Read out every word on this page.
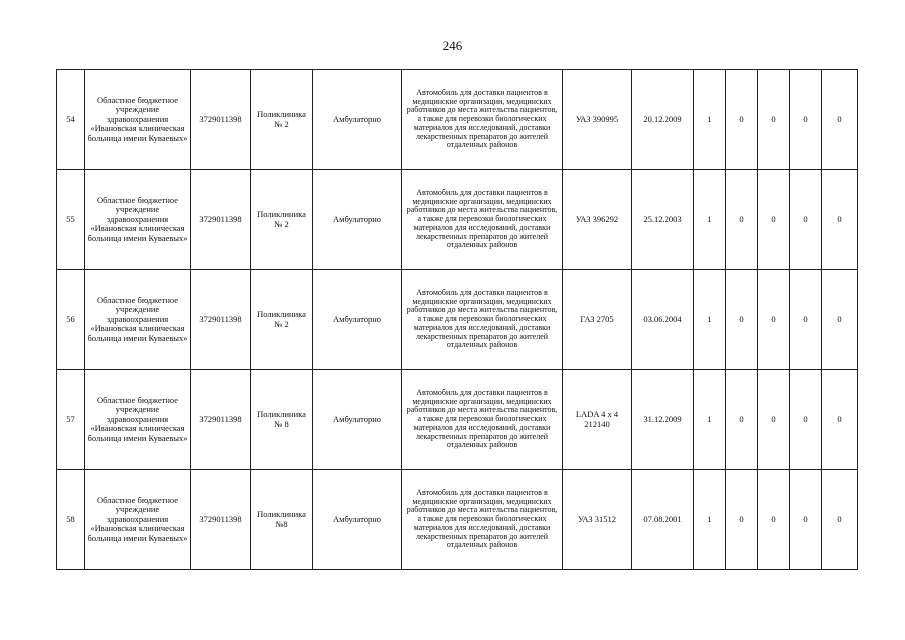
246
54	Областное бюджетное учреждение здравоохранения «Ивановская клиническая больница имени Куваевых»	3729011398	Поликлиника № 2	Амбулаторно	Автомобиль для доставки пациентов в медицинские организации, медицинских работников до места жительства пациентов, а также для перевозки биологических материалов для исследований, доставки лекарственных препаратов до жителей отдаленных районов	УАЗ 390995	20.12.2009	1	0	0	0	0
55	Областное бюджетное учреждение здравоохранения «Ивановская клиническая больница имени Куваевых»	3729011398	Поликлиника № 2	Амбулаторно	Автомобиль для доставки пациентов в медицинские организации, медицинских работников до места жительства пациентов, а также для перевозки биологических материалов для исследований, доставки лекарственных препаратов до жителей отдаленных районов	УАЗ 396292	25.12.2003	1	0	0	0	0
56	Областное бюджетное учреждение здравоохранения «Ивановская клиническая больница имени Куваевых»	3729011398	Поликлиника № 2	Амбулаторно	Автомобиль для доставки пациентов в медицинские организации, медицинских работников до места жительства пациентов, а также для перевозки биологических материалов для исследований, доставки лекарственных препаратов до жителей отдаленных районов	ГАЗ 2705	03.06.2004	1	0	0	0	0
57	Областное бюджетное учреждение здравоохранения «Ивановская клиническая больница имени Куваевых»	3729011398	Поликлиника № 8	Амбулаторно	Автомобиль для доставки пациентов в медицинские организации, медицинских работников до места жительства пациентов, а также для перевозки биологических материалов для исследований, доставки лекарственных препаратов до жителей отдаленных районов	LADA 4 x 4 212140	31.12.2009	1	0	0	0	0
58	Областное бюджетное учреждение здравоохранения «Ивановская клиническая больница имени Куваевых»	3729011398	Поликлиника №8	Амбулаторно	Автомобиль для доставки пациентов в медицинские организации, медицинских работников до места жительства пациентов, а также для перевозки биологических материалов для исследований, доставки лекарственных препаратов до жителей отдаленных районов	УАЗ 31512	07.08.2001	1	0	0	0	0
